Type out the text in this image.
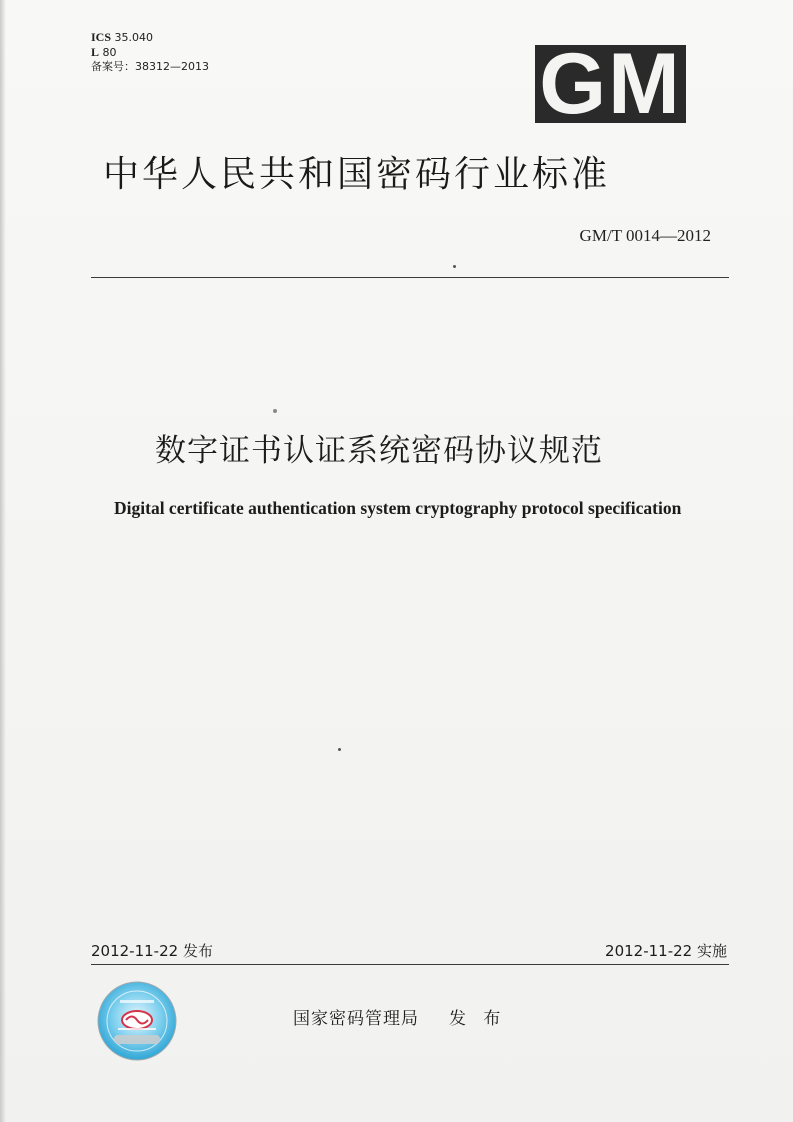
ICS 35.040
L 80
备案号：38312—2013	GM
中华人民共和国密码行业标准
GM/T 0014—2012
数字证书认证系统密码协议规范
Digital certificate authentication system cryptography protocol specification
2012-11-22 发布	2012-11-22 实施
国家密码管理局 发 布
